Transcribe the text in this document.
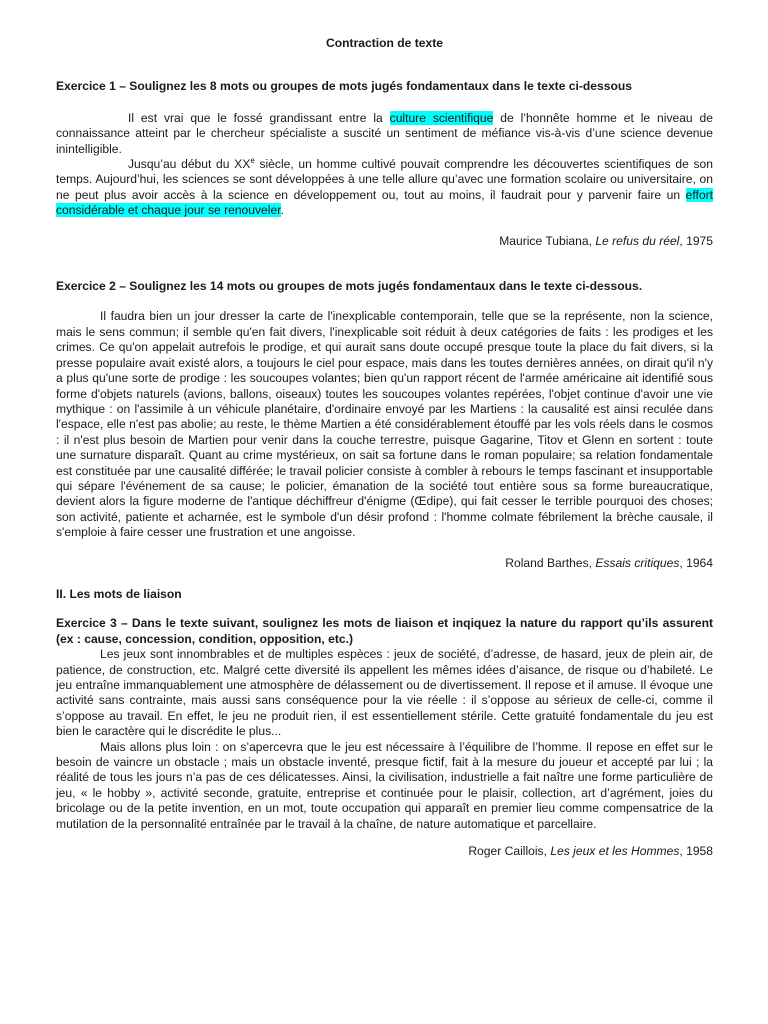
Contraction de texte

Exercice 1 – Soulignez les 8 mots ou groupes de mots jugés fondamentaux dans le texte ci-dessous

Il est vrai que le fossé grandissant entre la culture scientifique de l’honnête homme et le niveau de connaissance atteint par le chercheur spécialiste a suscité un sentiment de méfiance vis-à-vis d’une science devenue inintelligible.

Jusqu’au début du XXe siècle, un homme cultivé pouvait comprendre les découvertes scientifiques de son temps. Aujourd’hui, les sciences se sont développées à une telle allure qu’avec une formation scolaire ou universitaire, on ne peut plus avoir accès à la science en développement ou, tout au moins, il faudrait pour y parvenir faire un effort considérable et chaque jour se renouveler.

Maurice Tubiana, Le refus du réel, 1975

Exercice 2 – Soulignez les 14 mots ou groupes de mots jugés fondamentaux dans le texte ci-dessous.

Il faudra bien un jour dresser la carte de l'inexplicable contemporain, telle que se la représente, non la science, mais le sens commun; il semble qu'en fait divers, l'inexplicable soit réduit à deux catégories de faits : les prodiges et les crimes. Ce qu'on appelait autrefois le prodige, et qui aurait sans doute occupé presque toute la place du fait divers, si la presse populaire avait existé alors, a toujours le ciel pour espace, mais dans les toutes dernières années, on dirait qu'il n'y a plus qu'une sorte de prodige : les soucoupes volantes; bien qu'un rapport récent de l'armée américaine ait identifié sous forme d'objets naturels (avions, ballons, oiseaux) toutes les soucoupes volantes repérées, l'objet continue d'avoir une vie mythique : on l'assimile à un véhicule planétaire, d'ordinaire envoyé par les Martiens : la causalité est ainsi reculée dans l'espace, elle n'est pas abolie; au reste, le thème Martien a été considérablement étouffé par les vols réels dans le cosmos : il n'est plus besoin de Martien pour venir dans la couche terrestre, puisque Gagarine, Titov et Glenn en sortent : toute une surnature disparaît. Quant au crime mystérieux, on sait sa fortune dans le roman populaire; sa relation fondamentale est constituée par une causalité différée; le travail policier consiste à combler à rebours le temps fascinant et insupportable qui sépare l'événement de sa cause; le policier, émanation de la société tout entière sous sa forme bureaucratique, devient alors la figure moderne de l'antique déchiffreur d'énigme (Œdipe), qui fait cesser le terrible pourquoi des choses; son activité, patiente et acharnée, est le symbole d'un désir profond : l'homme colmate fébrilement la brèche causale, il s'emploie à faire cesser une frustration et une angoisse.

Roland Barthes, Essais critiques, 1964

II. Les mots de liaison

Exercice 3 – Dans le texte suivant, soulignez les mots de liaison et inqiquez la nature du rapport qu’ils assurent (ex : cause, concession, condition, opposition, etc.)

Les jeux sont innombrables et de multiples espèces : jeux de société, d’adresse, de hasard, jeux de plein air, de patience, de construction, etc. Malgré cette diversité ils appellent les mêmes idées d’aisance, de risque ou d’habileté. Le jeu entraîne immanquablement une atmosphère de délassement ou de divertissement. Il repose et il amuse. Il évoque une activité sans contrainte, mais aussi sans conséquence pour la vie réelle : il s’oppose au sérieux de celle-ci, comme il s’oppose au travail. En effet, le jeu ne produit rien, il est essentiellement stérile. Cette gratuité fondamentale du jeu est bien le caractère qui le discrédite le plus...

Mais allons plus loin : on s’apercevra que le jeu est nécessaire à l’équilibre de l’homme. Il repose en effet sur le besoin de vaincre un obstacle ; mais un obstacle inventé, presque fictif, fait à la mesure du joueur et accepté par lui ; la réalité de tous les jours n’a pas de ces délicatesses. Ainsi, la civilisation, industrielle a fait naître une forme particulière de jeu, « le hobby », activité seconde, gratuite, entreprise et continuée pour le plaisir, collection, art d’agrément, joies du bricolage ou de la petite invention, en un mot, toute occupation qui apparaît en premier lieu comme compensatrice de la mutilation de la personnalité entraînée par le travail à la chaîne, de nature automatique et parcellaire.

Roger Caillois, Les jeux et les Hommes, 1958
